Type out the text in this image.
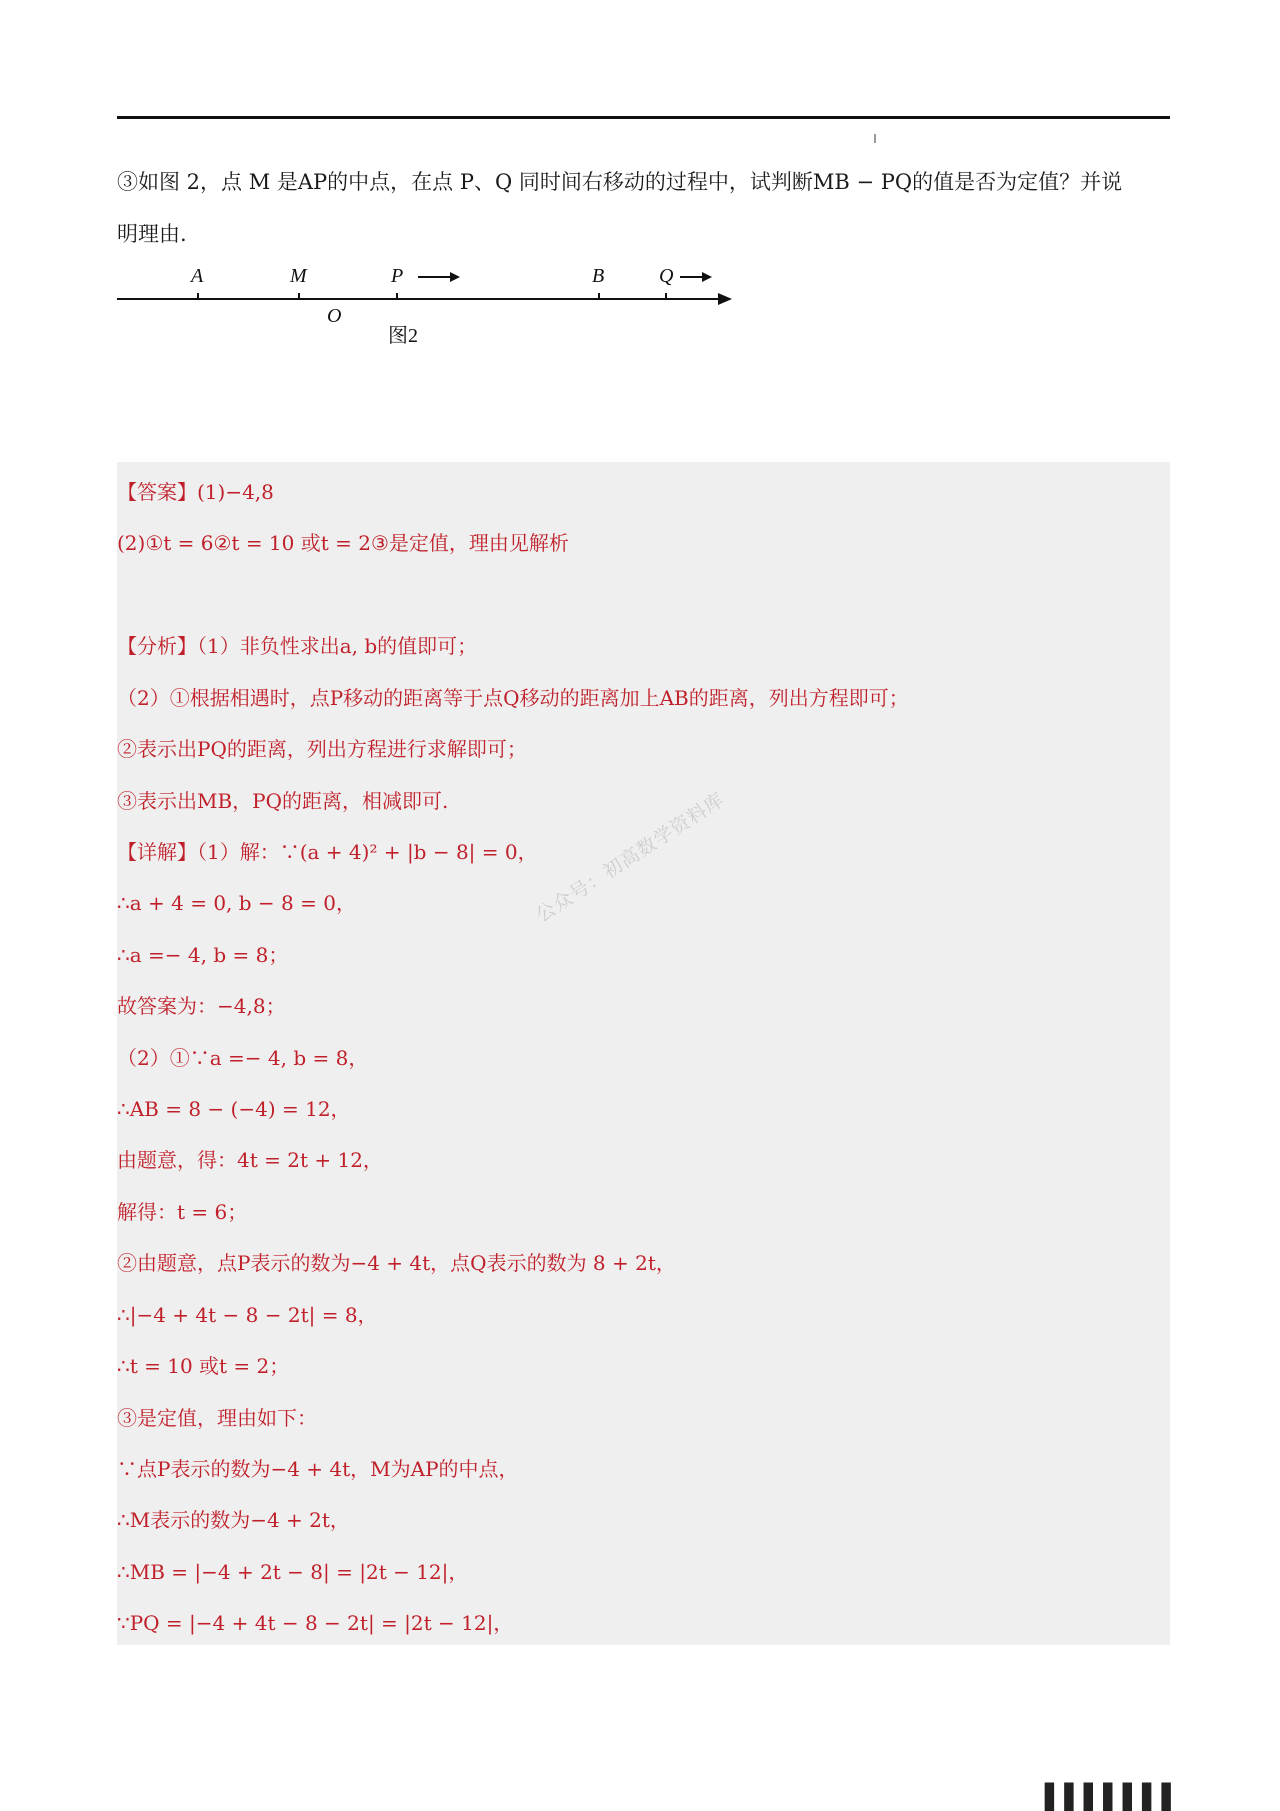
③如图 2，点 M 是AP的中点，在点 P、Q 同时间右移动的过程中，试判断MB − PQ的值是否为定值？并说
明理由.
A	M	P	B	Q
O
图2
【答案】(1)−4,8
(2)①t = 6②t = 10 或t = 2③是定值，理由见解析
【分析】（1）非负性求出a, b的值即可；
（2）①根据相遇时，点P移动的距离等于点Q移动的距离加上AB的距离，列出方程即可；
②表示出PQ的距离，列出方程进行求解即可；
③表示出MB，PQ的距离，相减即可.
【详解】（1）解：∵(a + 4)² + |b − 8| = 0，
∴a + 4 = 0, b − 8 = 0，
∴a =− 4, b = 8；
故答案为：−4,8；
（2）①∵a =− 4, b = 8，
∴AB = 8 − (−4) = 12，
由题意，得：4t = 2t + 12，
解得：t = 6；
②由题意，点P表示的数为−4 + 4t，点Q表示的数为 8 + 2t，
∴|−4 + 4t − 8 − 2t| = 8，
∴t = 10 或t = 2；
③是定值，理由如下：
∵点P表示的数为−4 + 4t，M为AP的中点，
∴M表示的数为−4 + 2t，
∴MB = |−4 + 2t − 8| = |2t − 12|，
∵PQ = |−4 + 4t − 8 − 2t| = |2t − 12|，
公众号：初高数学资料库
▌▌▌▌▌▌▌
